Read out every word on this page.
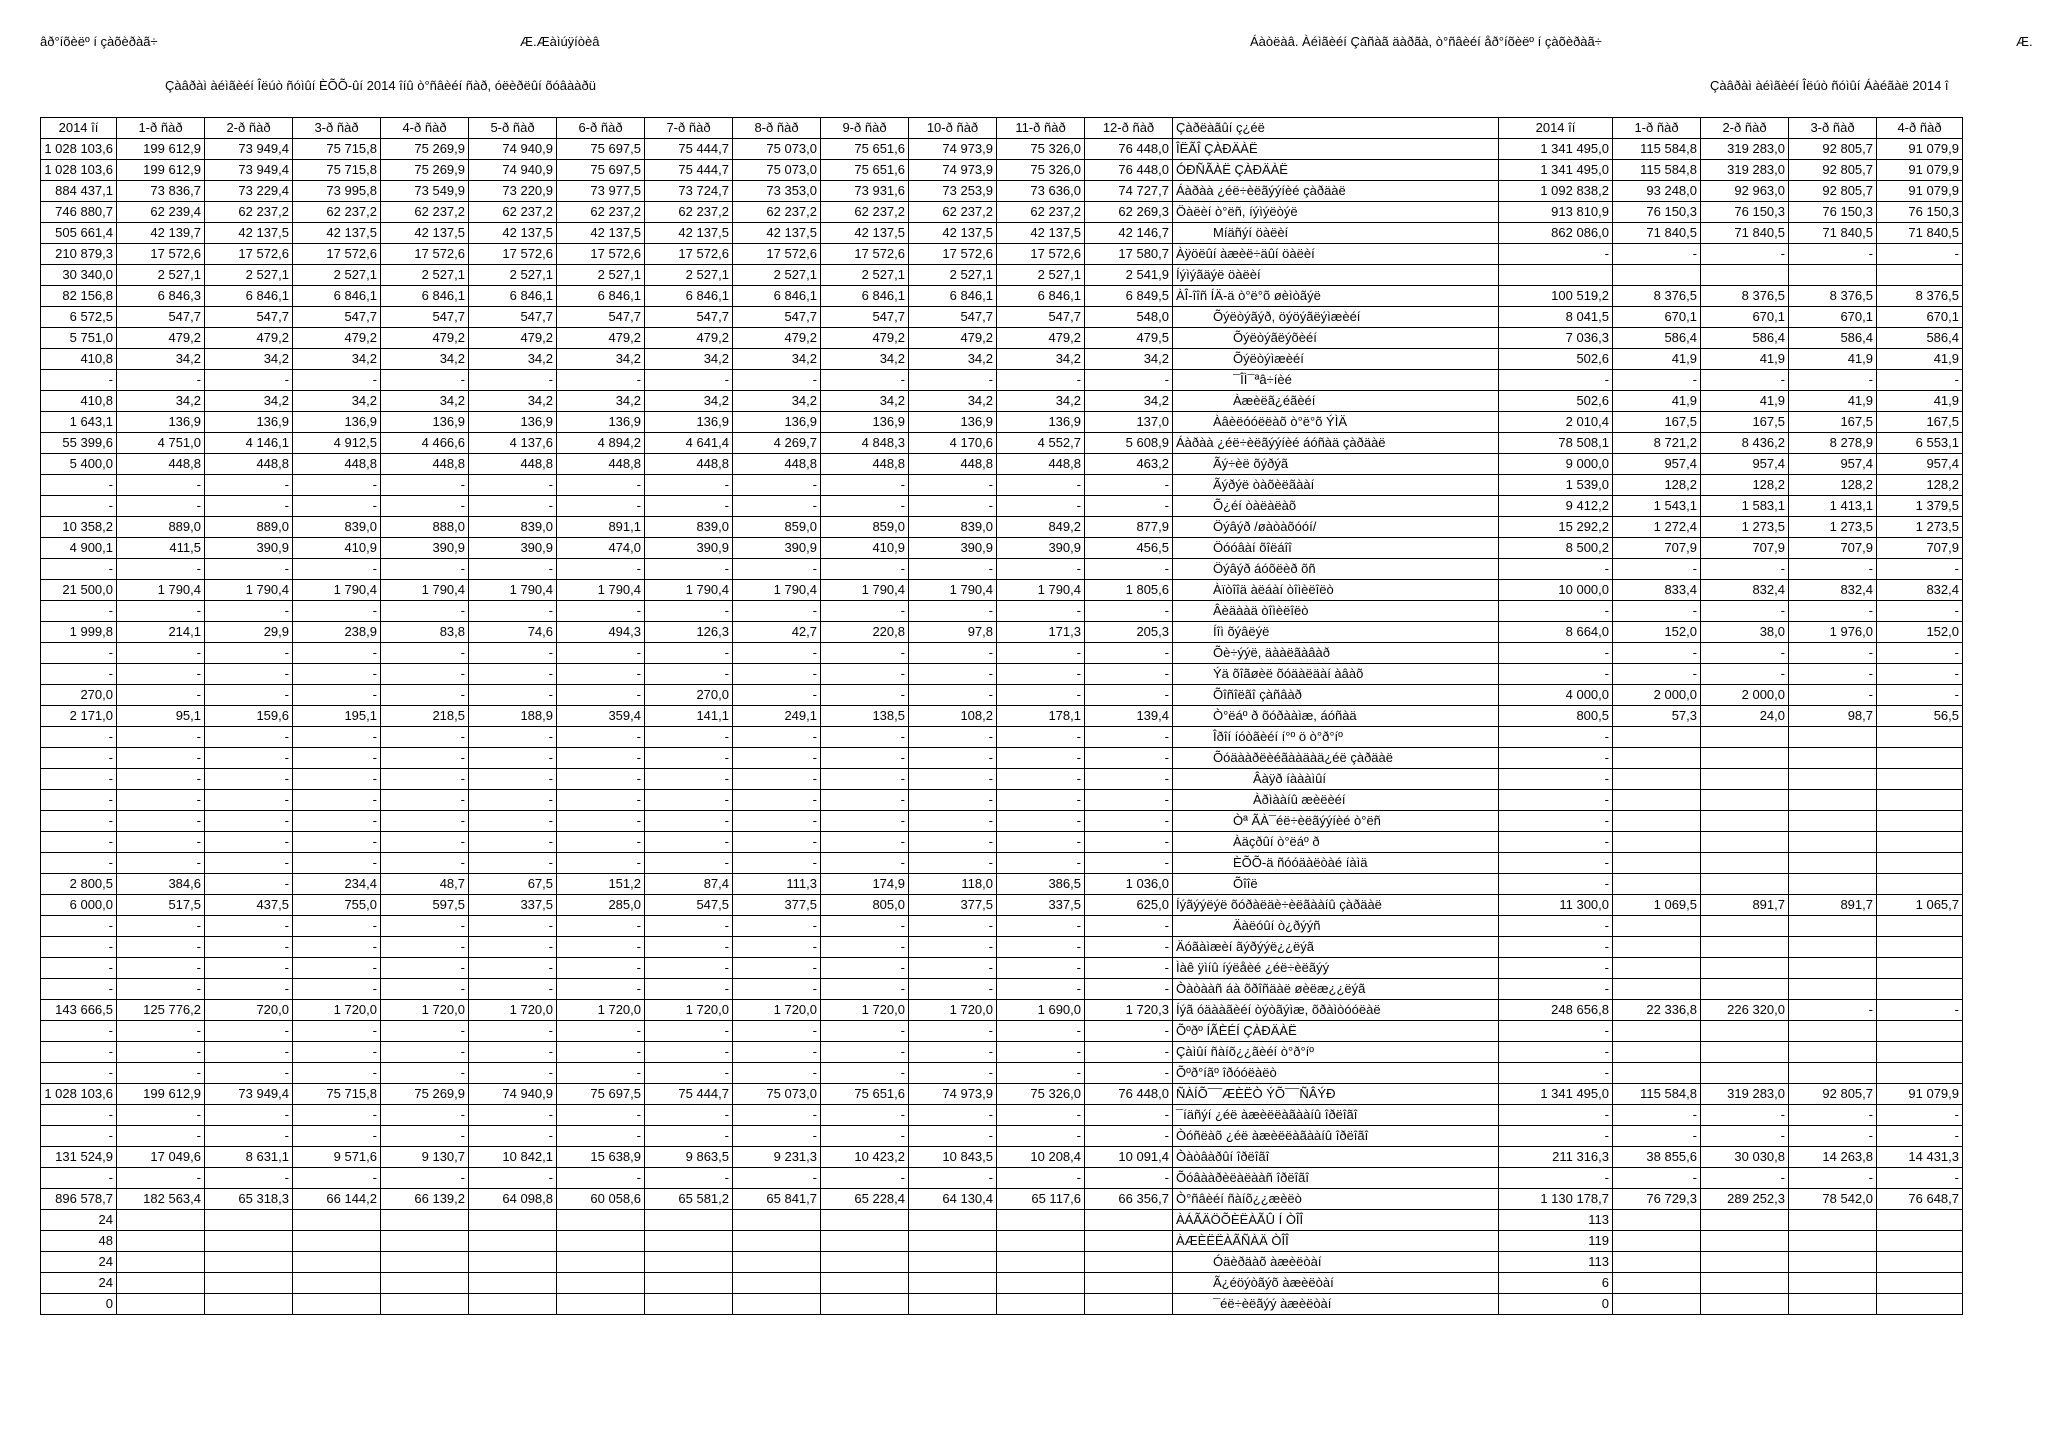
âð°íõèëº í çàõèðàã÷	Æ.Æàìúÿíòèâ	Áàòëàâ. Àéìãèéí Çàñàã äàðãà, ò°ñâèéí åð°íõèëº í çàõèðàã÷	Æ.
Çàâðàì àéìãèéí Îëúò ñóìûí ÈÕÕ-ûí 2014 îíû ò°ñâèéí ñàð, óëèðëûí õóâààðü	Çàâðàì àéìãèéí Îëúò ñóìûí Áàéãàë 2014 î
2014 îí	1-ð ñàð	2-ð ñàð	3-ð ñàð	4-ð ñàð	5-ð ñàð	6-ð ñàð	7-ð ñàð	8-ð ñàð	9-ð ñàð	10-ð ñàð	11-ð ñàð	12-ð ñàð	Çàðëàãûí ç¿éë	2014 îí	1-ð ñàð	2-ð ñàð	3-ð ñàð	4-ð ñàð
1 028 103,6	199 612,9	73 949,4	75 715,8	75 269,9	74 940,9	75 697,5	75 444,7	75 073,0	75 651,6	74 973,9	75 326,0	76 448,0	ÎËÃÎ ÇÀÐÄÀË	1 341 495,0	115 584,8	319 283,0	92 805,7	91 079,9
1 028 103,6	199 612,9	73 949,4	75 715,8	75 269,9	74 940,9	75 697,5	75 444,7	75 073,0	75 651,6	74 973,9	75 326,0	76 448,0	ÓÐÑÃÀË ÇÀÐÄÀË	1 341 495,0	115 584,8	319 283,0	92 805,7	91 079,9
884 437,1	73 836,7	73 229,4	73 995,8	73 549,9	73 220,9	73 977,5	73 724,7	73 353,0	73 931,6	73 253,9	73 636,0	74 727,7	Áàðàà ¿éë÷èëãýýíèé çàðäàë	1 092 838,2	93 248,0	92 963,0	92 805,7	91 079,9
746 880,7	62 239,4	62 237,2	62 237,2	62 237,2	62 237,2	62 237,2	62 237,2	62 237,2	62 237,2	62 237,2	62 237,2	62 269,3	Öàëèí ò°ëñ, íýìýëòýë	913 810,9	76 150,3	76 150,3	76 150,3	76 150,3
505 661,4	42 139,7	42 137,5	42 137,5	42 137,5	42 137,5	42 137,5	42 137,5	42 137,5	42 137,5	42 137,5	42 137,5	42 146,7	Μíäñýí öàëèí	862 086,0	71 840,5	71 840,5	71 840,5	71 840,5
210 879,3	17 572,6	17 572,6	17 572,6	17 572,6	17 572,6	17 572,6	17 572,6	17 572,6	17 572,6	17 572,6	17 572,6	17 580,7	Àÿöëûí àæèë÷äûí öàëèí	-	-	-	-	-
30 340,0	2 527,1	2 527,1	2 527,1	2 527,1	2 527,1	2 527,1	2 527,1	2 527,1	2 527,1	2 527,1	2 527,1	2 541,9	Íýìýãäýë öàëèí					
82 156,8	6 846,3	6 846,1	6 846,1	6 846,1	6 846,1	6 846,1	6 846,1	6 846,1	6 846,1	6 846,1	6 846,1	6 849,5	ÀÎ-îîñ ÍÄ-ä ò°ë°õ øèìòãýë	100 519,2	8 376,5	8 376,5	8 376,5	8 376,5
6 572,5	547,7	547,7	547,7	547,7	547,7	547,7	547,7	547,7	547,7	547,7	547,7	548,0	Õýëòýãýð, öýöýãëýìæèéí	8 041,5	670,1	670,1	670,1	670,1
5 751,0	479,2	479,2	479,2	479,2	479,2	479,2	479,2	479,2	479,2	479,2	479,2	479,5	Õýëòýãëýõèéí	7 036,3	586,4	586,4	586,4	586,4
410,8	34,2	34,2	34,2	34,2	34,2	34,2	34,2	34,2	34,2	34,2	34,2	34,2	Õýëòýìæèéí	502,6	41,9	41,9	41,9	41,9
-	-	-	-	-	-	-	-	-	-	-	-	-	¯ÎÌ¯ªâ÷íèé	-	-	-	-	-
410,8	34,2	34,2	34,2	34,2	34,2	34,2	34,2	34,2	34,2	34,2	34,2	34,2	Àæèëã¿éãèéí	502,6	41,9	41,9	41,9	41,9
1 643,1	136,9	136,9	136,9	136,9	136,9	136,9	136,9	136,9	136,9	136,9	136,9	137,0	Àâèëóóëëàõ ò°ë°õ ÝÌÄ	2 010,4	167,5	167,5	167,5	167,5
55 399,6	4 751,0	4 146,1	4 912,5	4 466,6	4 137,6	4 894,2	4 641,4	4 269,7	4 848,3	4 170,6	4 552,7	5 608,9	Áàðàà ¿éë÷èëãýýíèé áóñàä çàðäàë	78 508,1	8 721,2	8 436,2	8 278,9	6 553,1
5 400,0	448,8	448,8	448,8	448,8	448,8	448,8	448,8	448,8	448,8	448,8	448,8	463,2	Ãý÷èë õýðýã	9 000,0	957,4	957,4	957,4	957,4
-	-	-	-	-	-	-	-	-	-	-	-	-	Ãýðýë òàõèëãààí	1 539,0	128,2	128,2	128,2	128,2
-	-	-	-	-	-	-	-	-	-	-	-	-	Õ¿éí òàëàëàõ	9 412,2	1 543,1	1 583,1	1 413,1	1 379,5
10 358,2	889,0	889,0	839,0	888,0	839,0	891,1	839,0	859,0	859,0	839,0	849,2	877,9	Öýâýð /øàòàõóóí/	15 292,2	1 272,4	1 273,5	1 273,5	1 273,5
4 900,1	411,5	390,9	410,9	390,9	390,9	474,0	390,9	390,9	410,9	390,9	390,9	456,5	Öóóâàí õîëáîî	8 500,2	707,9	707,9	707,9	707,9
-	-	-	-	-	-	-	-	-	-	-	-	-	Öýâýð áóõëèð õñ	-	-	-	-	-
21 500,0	1 790,4	1 790,4	1 790,4	1 790,4	1 790,4	1 790,4	1 790,4	1 790,4	1 790,4	1 790,4	1 790,4	1 805,6	Àïòîîä àëáàí òîìèëîëò	10 000,0	833,4	832,4	832,4	832,4
-	-	-	-	-	-	-	-	-	-	-	-	-	Âèäààä òîìèëîëò	-	-	-	-	-
1 999,8	214,1	29,9	238,9	83,8	74,6	494,3	126,3	42,7	220,8	97,8	171,3	205,3	Íîì õýâëýë	8 664,0	152,0	38,0	1 976,0	152,0
-	-	-	-	-	-	-	-	-	-	-	-	-	Õè÷ýýë, äààëãàâàð	-	-	-	-	-
-	-	-	-	-	-	-	-	-	-	-	-	-	Ýä õîãøèë õóäàëäàí àâàõ	-	-	-	-	-
270,0	-	-	-	-	-	-	270,0	-	-	-	-	-	Õîñîëãî çàñâàð	4 000,0	2 000,0	2 000,0	-	-
2 171,0	95,1	159,6	195,1	218,5	188,9	359,4	141,1	249,1	138,5	108,2	178,1	139,4	Ò°ëáº ð õóðààìæ, áóñàä	800,5	57,3	24,0	98,7	56,5
-	-	-	-	-	-	-	-	-	-	-	-	-	Îðîí íóòãèéí í°º ö ò°ð°íº	-				
-	-	-	-	-	-	-	-	-	-	-	-	-	Õóäààðëèéãààäàä¿éë çàðäàë	-				
-	-	-	-	-	-	-	-	-	-	-	-	-	Âàÿð íàààìûí	-				
-	-	-	-	-	-	-	-	-	-	-	-	-	Àðìààíû æèëèéí	-				
-	-	-	-	-	-	-	-	-	-	-	-	-	Òª ÃÀ¯éë÷èëãýýíèé ò°ëñ	-				
-	-	-	-	-	-	-	-	-	-	-	-	-	Àäçðûí ò°ëáº ð	-				
-	-	-	-	-	-	-	-	-	-	-	-	-	ÈÕÕ-ä ñóóäàëòàé íàìä	-				
2 800,5	384,6	-	234,4	48,7	67,5	151,2	87,4	111,3	174,9	118,0	386,5	1 036,0	Õîîë	-				
6 000,0	517,5	437,5	755,0	597,5	337,5	285,0	547,5	377,5	805,0	377,5	337,5	625,0	Íýãýýëýë õóðàëäè÷èëãààíû çàðäàë	11 300,0	1 069,5	891,7	891,7	1 065,7
-	-	-	-	-	-	-	-	-	-	-	-	-	Äàëóûí ò¿ðýýñ	-				
-	-	-	-	-	-	-	-	-	-	-	-	-	Äóãàìæèí ãýðýýë¿¿ëýã	-				
-	-	-	-	-	-	-	-	-	-	-	-	-	Ìàê ÿìíû íýëåèé ¿éë÷èëãýý	-				
-	-	-	-	-	-	-	-	-	-	-	-	-	Òàòààñ áà õðîñäàë øèëæ¿¿ëýã	-				
143 666,5	125 776,2	720,0	1 720,0	1 720,0	1 720,0	1 720,0	1 720,0	1 720,0	1 720,0	1 720,0	1 690,0	1 720,3	Íýã óäààãèéí òýòãýìæ, õðàìòóóëàë	248 656,8	22 336,8	226 320,0	-	-
-	-	-	-	-	-	-	-	-	-	-	-	-	Õºðº ÍÃÈÉÍ ÇÀÐÄÀË	-				
-	-	-	-	-	-	-	-	-	-	-	-	-	Çàìûí ñàíõ¿¿ãèéí ò°ð°íº	-				
-	-	-	-	-	-	-	-	-	-	-	-	-	Õºð°íãº îðóóëàëò	-				
1 028 103,6	199 612,9	73 949,4	75 715,8	75 269,9	74 940,9	75 697,5	75 444,7	75 073,0	75 651,6	74 973,9	75 326,0	76 448,0	ÑÀÍÕ¯¯ÆÈËÒ ÝÕ¯¯ÑÂÝÐ	1 341 495,0	115 584,8	319 283,0	92 805,7	91 079,9
-	-	-	-	-	-	-	-	-	-	-	-	-	¯íäñýí ¿éë àæèëëàãààíû îðëîãî	-	-	-	-	-
-	-	-	-	-	-	-	-	-	-	-	-	-	Òóñëàõ ¿éë àæèëëàãààíû îðëîãî	-	-	-	-	-
131 524,9	17 049,6	8 631,1	9 571,6	9 130,7	10 842,1	15 638,9	9 863,5	9 231,3	10 423,2	10 843,5	10 208,4	10 091,4	Òàòâàðûí îðëîãî	211 316,3	38 855,6	30 030,8	14 263,8	14 431,3
-	-	-	-	-	-	-	-	-	-	-	-	-	Õóâààðèëàëààñ îðëîãî	-	-	-	-	-
896 578,7	182 563,4	65 318,3	66 144,2	66 139,2	64 098,8	60 058,6	65 581,2	65 841,7	65 228,4	64 130,4	65 117,6	66 356,7	Ò°ñâèéí ñàíõ¿¿æèëò	1 130 178,7	76 729,3	289 252,3	78 542,0	76 648,7
24													ÀÁÃÄÖÕÈËÀÃÛ Í ÒÎÎ	113				
48													ÀÆÈËËÀÃÑÀÄ ÒÎÎ	119				
24													Óäèðäàõ àæèëòàí	113				
24													Ã¿éöýòãýõ àæèëòàí	6				
0													¯éë÷èëãýý àæèëòàí	0				
